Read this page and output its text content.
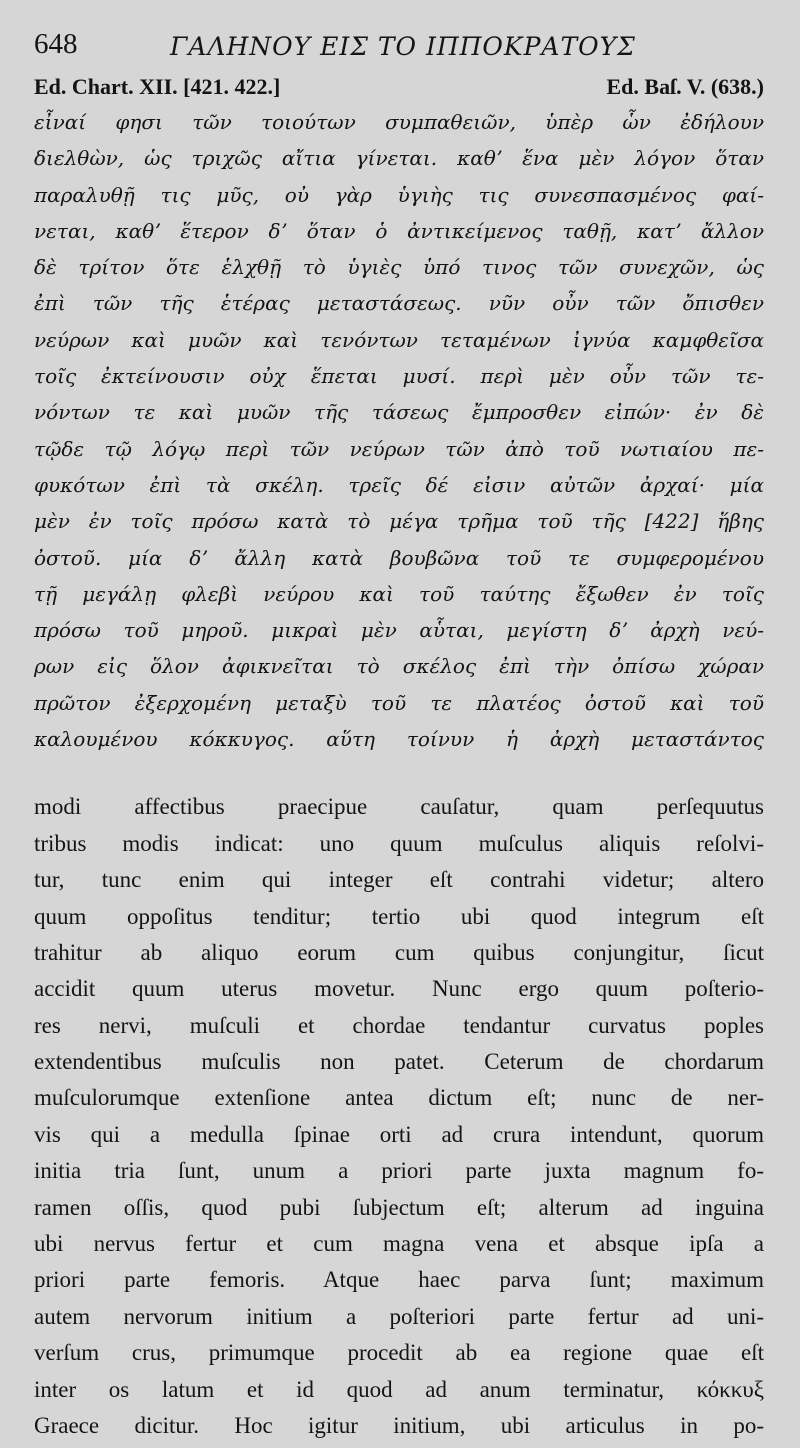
648	ΓΑΛΗΝΟΥ ΕΙΣ ΤΟ ΙΠΠΟΚΡΑΤΟΥΣ
Ed. Chart. XII. [421. 422.]	Ed. Baſ. V. (638.)
εἶναί φησι τῶν τοιούτων συμπαθειῶν, ὑπὲρ ὧν ἐδήλουν
διελθὼν, ὡς τριχῶς αἴτια γίνεται. καθʼ ἕνα μὲν λόγον ὅταν
παραλυθῇ τις μῦς, οὐ γὰρ ὑγιὴς τις συνεσπασμένος φαί-
νεται, καθʼ ἕτερον δʼ ὅταν ὁ ἀντικείμενος ταθῇ, κατʼ ἄλλον
δὲ τρίτον ὅτε ἑλχθῇ τὸ ὑγιὲς ὑπό τινος τῶν συνεχῶν, ὡς
ἐπὶ τῶν τῆς ἑτέρας μεταστάσεως. νῦν οὖν τῶν ὄπισθεν
νεύρων καὶ μυῶν καὶ τενόντων τεταμένων ἰγνύα καμφθεῖσα
τοῖς ἐκτείνουσιν οὐχ ἕπεται μυσί. περὶ μὲν οὖν τῶν τε-
νόντων τε καὶ μυῶν τῆς τάσεως ἔμπροσθεν εἰπών· ἐν δὲ
τῷδε τῷ λόγῳ περὶ τῶν νεύρων τῶν ἀπὸ τοῦ νωτιαίου πε-
φυκότων ἐπὶ τὰ σκέλη. τρεῖς δέ εἰσιν αὐτῶν ἀρχαί· μία
μὲν ἐν τοῖς πρόσω κατὰ τὸ μέγα τρῆμα τοῦ τῆς [422] ἥβης
ὀστοῦ. μία δʼ ἄλλη κατὰ βουβῶνα τοῦ τε συμφερομένου
τῇ μεγάλῃ φλεβὶ νεύρου καὶ τοῦ ταύτης ἔξωθεν ἐν τοῖς
πρόσω τοῦ μηροῦ. μικραὶ μὲν αὗται, μεγίστη δʼ ἀρχὴ νεύ-
ρων εἰς ὅλον ἀφικνεῖται τὸ σκέλος ἐπὶ τὴν ὀπίσω χώραν
πρῶτον ἐξερχομένη μεταξὺ τοῦ τε πλατέος ὀστοῦ καὶ τοῦ
καλουμένου κόκκυγος. αὕτη τοίνυν ἡ ἀρχὴ μεταστάντος
modi affectibus praecipue cauſatur, quam perſequutus
tribus modis indicat: uno quum muſculus aliquis reſolvi-
tur, tunc enim qui integer eſt contrahi videtur; altero
quum oppoſitus tenditur; tertio ubi quod integrum eſt
trahitur ab aliquo eorum cum quibus conjungitur, ſicut
accidit quum uterus movetur. Nunc ergo quum poſterio-
res nervi, muſculi et chordae tendantur curvatus poples
extendentibus muſculis non patet. Ceterum de chordarum
muſculorumque extenſione antea dictum eſt; nunc de ner-
vis qui a medulla ſpinae orti ad crura intendunt, quorum
initia tria ſunt, unum a priori parte juxta magnum fo-
ramen oſſis, quod pubi ſubjectum eſt; alterum ad inguina
ubi nervus fertur et cum magna vena et absque ipſa a
priori parte femoris. Atque haec parva ſunt; maximum
autem nervorum initium a poſteriori parte fertur ad uni-
verſum crus, primumque procedit ab ea regione quae eſt
inter os latum et id quod ad anum terminatur, κόκκυξ
Graece dicitur. Hoc igitur initium, ubi articulus in po-
